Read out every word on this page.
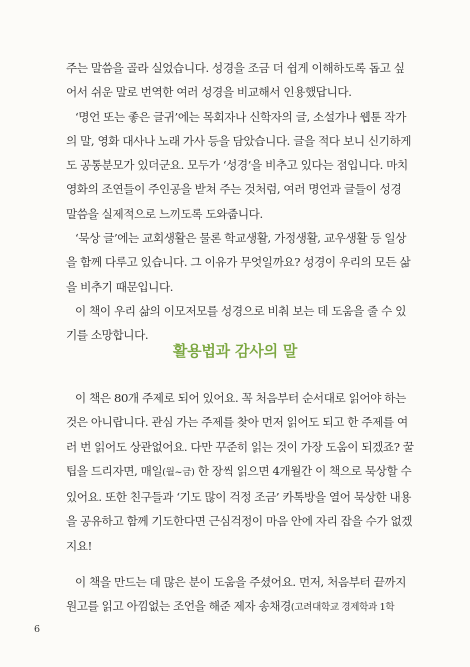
주는 말씀을 골라 실었습니다. 성경을 조금 더 쉽게 이해하도록 돕고 싶어서 쉬운 말로 번역한 여러 성경을 비교해서 인용했답니다.

‘명언 또는 좋은 글귀’에는 목회자나 신학자의 글, 소설가나 웹툰 작가의 말, 영화 대사나 노래 가사 등을 담았습니다. 글을 적다 보니 신기하게도 공통분모가 있더군요. 모두가 ‘성경’을 비추고 있다는 점입니다. 마치 영화의 조연들이 주인공을 받쳐 주는 것처럼, 여러 명언과 글들이 성경 말씀을 실제적으로 느끼도록 도와줍니다.

‘묵상 글’에는 교회생활은 물론 학교생활, 가정생활, 교우생활 등 일상을 함께 다루고 있습니다. 그 이유가 무엇일까요? 성경이 우리의 모든 삶을 비추기 때문입니다.

이 책이 우리 삶의 이모저모를 성경으로 비춰 보는 데 도움을 줄 수 있기를 소망합니다.

활용법과 감사의 말

이 책은 80개 주제로 되어 있어요. 꼭 처음부터 순서대로 읽어야 하는 것은 아니랍니다. 관심 가는 주제를 찾아 먼저 읽어도 되고 한 주제를 여러 번 읽어도 상관없어요. 다만 꾸준히 읽는 것이 가장 도움이 되겠죠? 꿀팁을 드리자면, 매일(월~금) 한 장씩 읽으면 4개월간 이 책으로 묵상할 수 있어요. 또한 친구들과 ‘기도 많이 걱정 조금’ 카톡방을 열어 묵상한 내용을 공유하고 함께 기도한다면 근심걱정이 마음 안에 자리 잡을 수가 없겠지요!

이 책을 만드는 데 많은 분이 도움을 주셨어요. 먼저, 처음부터 끝까지 원고를 읽고 아낌없는 조언을 해준 제자 송채경(고려대학교 경제학과 1학

6
